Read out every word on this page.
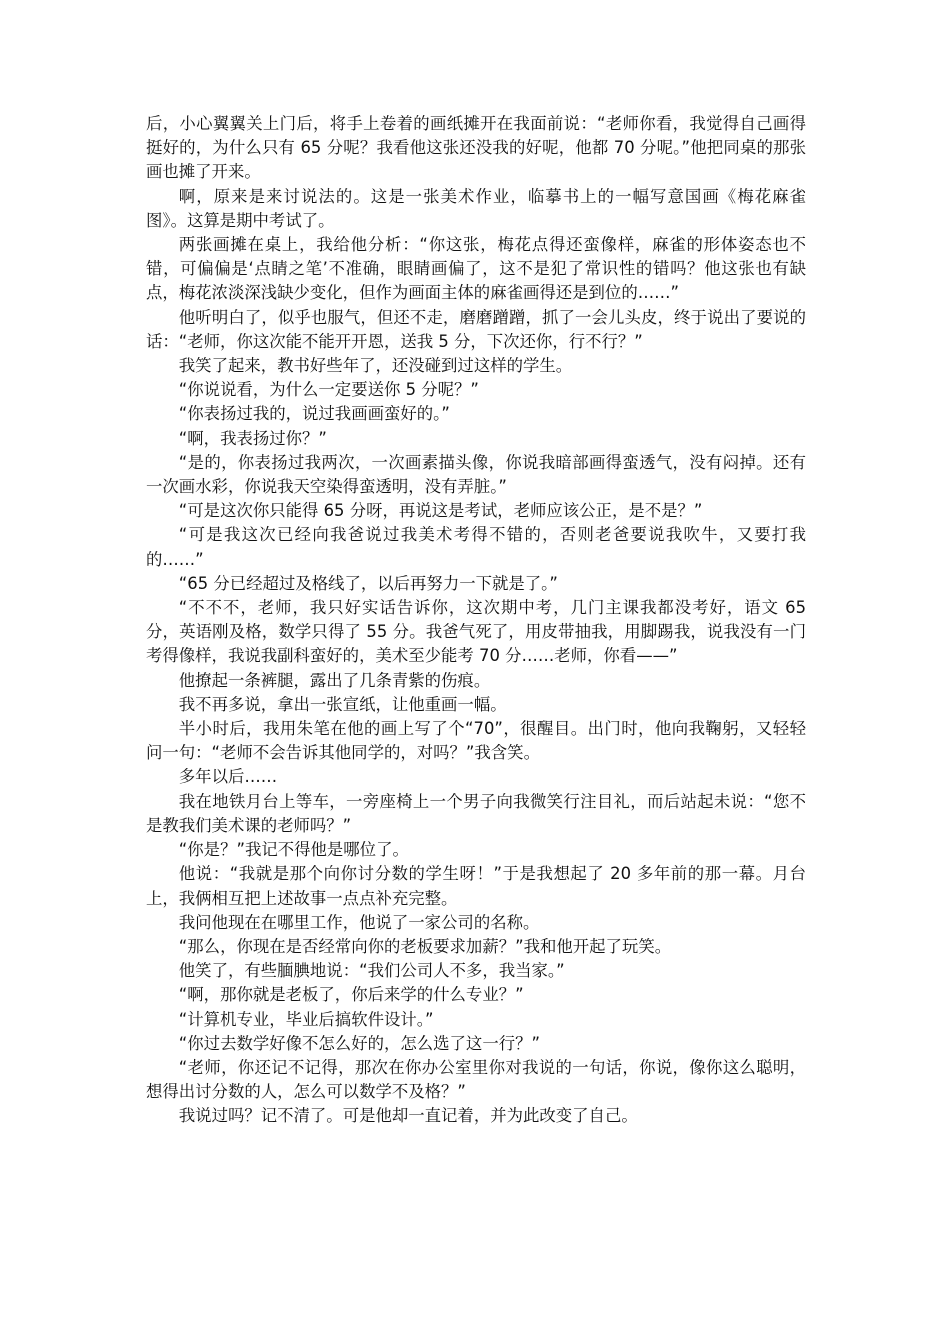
后，小心翼翼关上门后，将手上卷着的画纸摊开在我面前说：“老师你看，我觉得自己画得挺好的，为什么只有 65 分呢？我看他这张还没我的好呢，他都 70 分呢。”他把同桌的那张画也摊了开来。

啊，原来是来讨说法的。这是一张美术作业，临摹书上的一幅写意国画《梅花麻雀图》。这算是期中考试了。

两张画摊在桌上，我给他分析：“你这张，梅花点得还蛮像样，麻雀的形体姿态也不错，可偏偏是‘点睛之笔’不准确，眼睛画偏了，这不是犯了常识性的错吗？他这张也有缺点，梅花浓淡深浅缺少变化，但作为画面主体的麻雀画得还是到位的……”

他听明白了，似乎也服气，但还不走，磨磨蹭蹭，抓了一会儿头皮，终于说出了要说的话：“老师，你这次能不能开开恩，送我 5 分，下次还你，行不行？”

我笑了起来，教书好些年了，还没碰到过这样的学生。

“你说说看，为什么一定要送你 5 分呢？”

“你表扬过我的，说过我画画蛮好的。”

“啊，我表扬过你？”

“是的，你表扬过我两次，一次画素描头像，你说我暗部画得蛮透气，没有闷掉。还有一次画水彩，你说我天空染得蛮透明，没有弄脏。”

“可是这次你只能得 65 分呀，再说这是考试，老师应该公正，是不是？”

“可是我这次已经向我爸说过我美术考得不错的，否则老爸要说我吹牛，又要打我的……”

“65 分已经超过及格线了，以后再努力一下就是了。”

“不不不，老师，我只好实话告诉你，这次期中考，几门主课我都没考好，语文 65 分，英语刚及格，数学只得了 55 分。我爸气死了，用皮带抽我，用脚踢我，说我没有一门考得像样，我说我副科蛮好的，美术至少能考 70 分……老师，你看——”

他撩起一条裤腿，露出了几条青紫的伤痕。

我不再多说，拿出一张宣纸，让他重画一幅。

半小时后，我用朱笔在他的画上写了个“70”，很醒目。出门时，他向我鞠躬，又轻轻问一句：“老师不会告诉其他同学的，对吗？”我含笑。

多年以后……

我在地铁月台上等车，一旁座椅上一个男子向我微笑行注目礼，而后站起未说：“您不是教我们美术课的老师吗？”

“你是？”我记不得他是哪位了。

他说：“我就是那个向你讨分数的学生呀！”于是我想起了 20 多年前的那一幕。月台上，我俩相互把上述故事一点点补充完整。

我问他现在在哪里工作，他说了一家公司的名称。

“那么，你现在是否经常向你的老板要求加薪？”我和他开起了玩笑。

他笑了，有些腼腆地说：“我们公司人不多，我当家。”

“啊，那你就是老板了，你后来学的什么专业？”

“计算机专业，毕业后搞软件设计。”

“你过去数学好像不怎么好的，怎么选了这一行？”

“老师，你还记不记得，那次在你办公室里你对我说的一句话，你说，像你这么聪明，想得出讨分数的人，怎么可以数学不及格？”

我说过吗？记不清了。可是他却一直记着，并为此改变了自己。
